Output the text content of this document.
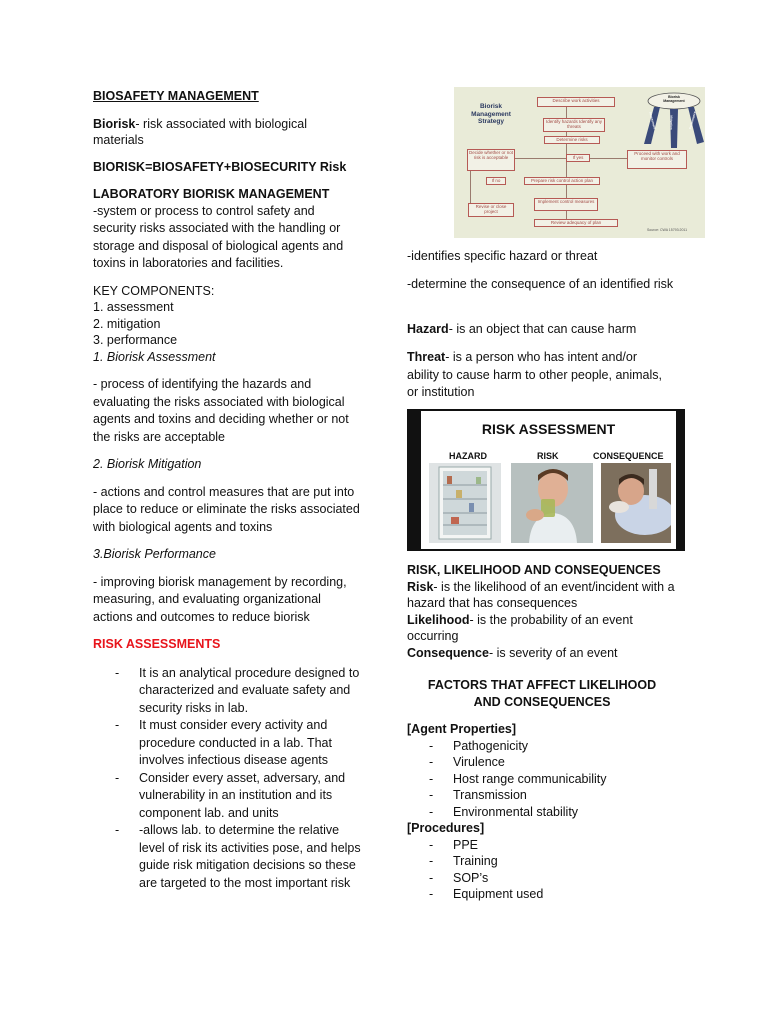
BIOSAFETY MANAGEMENT

Biorisk- risk associated with biological materials

BIORISK=BIOSAFETY+BIOSECURITY Risk

LABORATORY BIORISK MANAGEMENT

-system or process to control safety and security risks associated with the handling or storage and disposal of biological agents and toxins in laboratories and facilities.

KEY COMPONENTS:

1. assessment

2. mitigation

3. performance

1. Biorisk Assessment

- process of identifying the hazards and evaluating the risks associated with biological agents and toxins and deciding whether or not the risks are acceptable

2. Biorisk Mitigation

- actions and control measures that are put into place to reduce or eliminate the risks associated with biological agents and toxins

3.Biorisk Performance

- improving biorisk management by recording, measuring, and evaluating organizational actions and outcomes to reduce biorisk

RISK ASSESSMENTS

- It is an analytical procedure designed to characterized and evaluate safety and security risks in lab.
- It must consider every activity and procedure conducted in a lab. That involves infectious disease agents
- Consider every asset, adversary, and vulnerability in an institution and its component lab. and units
- -allows lab. to determine the relative level of risk its activities pose, and helps guide risk mitigation decisions so these are targeted to the most important risk
Biorisk Management Strategy
Describe work activities
Identify hazards Identify any threats
Determine risks
Decide whether or not risk is acceptable	If yes
Proceed with work and monitor controls
If no	Prepare risk control action plan
Implement control measures
Revise or close project
Review adequacy of plan
Biorisk Management
Assessment	Mitigation	Performance
Source: CWA 15793:2011

-identifies specific hazard or threat

-determine the consequence of an identified risk

Hazard- is an object that can cause harm

Threat- is a person who has intent and/or ability to cause harm to other people, animals, or institution

RISK, LIKELIHOOD AND CONSEQUENCES

Risk- is the likelihood of an event/incident with a hazard that has consequences

Likelihood- is the probability of an event occurring

Consequence- is severity of an event

FACTORS THAT AFFECT LIKELIHOOD AND CONSEQUENCES

[Agent Properties]

- Pathogenicity
- Virulence
- Host range communicability
- Transmission
- Environmental stability

[Procedures]

- PPE
- Training
- SOP’s
- Equipment used
RISK ASSESSMENT
HAZARD	RISK	CONSEQUENCE
